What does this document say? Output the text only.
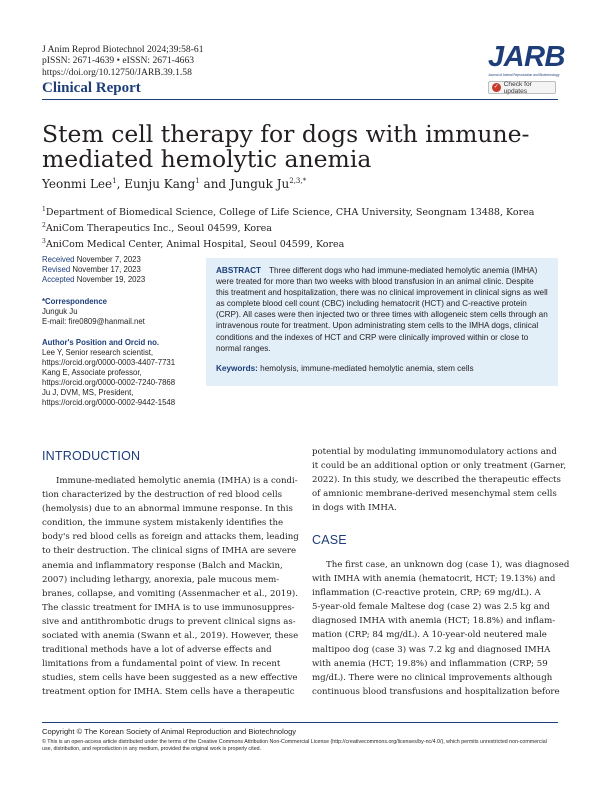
J Anim Reprod Biotechnol 2024;39:58-61
pISSN: 2671-4639 • eISSN: 2671-4663
https://doi.org/10.12750/JARB.39.1.58
Clinical Report
JARB
Journal of Animal Reproduction and Biotechnology
✓ Check for updates
Stem cell therapy for dogs with immune-mediated hemolytic anemia
Yeonmi Lee$^1$, Eunju Kang$^1$ and Junguk $Ju^{2,3,*}$
$^1$Department of Biomedical Science, College of Life Science, CHA University, Seongnam 13488, Korea
$^2$AniCom Therapeutics Inc., Seoul 04599, Korea
$^3$AniCom Medical Center, Animal Hospital, Seoul 04599, Korea
Received November 7, 2023
Revised November 17, 2023
Accepted November 19, 2023
*Correspondence
Junguk Ju
E-mail: fire0809@hanmail.net
Author's Position and Orcid no.
Lee Y, Senior research scientist,
https://orcid.org/0000-0003-4407-7731
Kang E, Associate professor,
https://orcid.org/0000-0002-7240-7868
Ju J, DVM, MS, President,
https://orcid.org/0000-0002-9442-1548
ABSTRACT Three different dogs who had immune-mediated hemolytic anemia (IMHA) were treated for more than two weeks with blood transfusion in an animal clinic. Despite this treatment and hospitalization, there was no clinical improvement in clinical signs as well as complete blood cell count (CBC) including hematocrit (HCT) and C-reactive protein (CRP). All cases were then injected two or three times with allogeneic stem cells through an intravenous route for treatment. Upon administrating stem cells to the IMHA dogs, clinical conditions and the indexes of HCT and CRP were clinically improved within or close to normal ranges.
Keywords: hemolysis, immune-mediated hemolytic anemia, stem cells
INTRODUCTION
Immune-mediated hemolytic anemia (IMHA) is a condi-
tion characterized by the destruction of red blood cells
(hemolysis) due to an abnormal immune response. In this
condition, the immune system mistakenly identifies the
body's red blood cells as foreign and attacks them, leading
to their destruction. The clinical signs of IMHA are severe
anemia and inflammatory response (Balch and Mackin,
2007) including lethargy, anorexia, pale mucous mem-
branes, collapse, and vomiting (Assenmacher et al., 2019).
The classic treatment for IMHA is to use immunosuppres-
sive and antithrombotic drugs to prevent clinical signs as-
sociated with anemia (Swann et al., 2019). However, these
traditional methods have a lot of adverse effects and
limitations from a fundamental point of view. In recent
studies, stem cells have been suggested as a new effective
treatment option for IMHA. Stem cells have a therapeutic
potential by modulating immunomodulatory actions and
it could be an additional option or only treatment (Garner,
2022). In this study, we described the therapeutic effects
of amnionic membrane-derived mesenchymal stem cells
in dogs with IMHA.
CASE
The first case, an unknown dog (case 1), was diagnosed
with IMHA with anemia (hematocrit, HCT; 19.13%) and
inflammation (C-reactive protein, CRP; 69 mg/dL). A
5-year-old female Maltese dog (case 2) was 2.5 kg and
diagnosed IMHA with anemia (HCT; 18.8%) and inflam-
mation (CRP; 84 mg/dL). A 10-year-old neutered male
maltipoo dog (case 3) was 7.2 kg and diagnosed IMHA
with anemia (HCT; 19.8%) and inflammation (CRP; 59
mg/dL). There were no clinical improvements although
continuous blood transfusions and hospitalization before
Copyright © The Korean Society of Animal Reproduction and Biotechnology
© This is an open-access article distributed under the terms of the Creative Commons Attribution Non-Commercial License (http://creativecommons.org/licenses/by-nc/4.0/), which permits unrestricted non-commercial use, distribution, and reproduction in any medium, provided the original work is properly cited.
